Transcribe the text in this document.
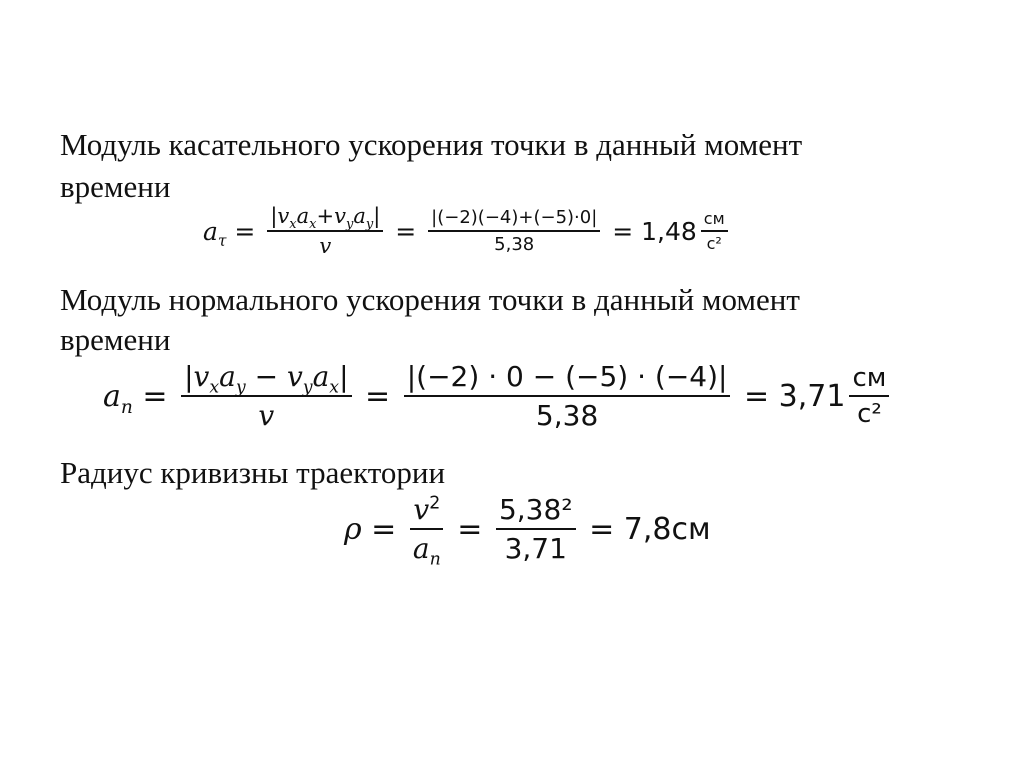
Модуль касательного ускорения точки в данный момент
времени
$a_\tau = \frac{|v_xa_x+v_ya_y|}{v} = \frac{|(-2)(-4)+(-5)\cdot 0|}{5,38} = 1,48 \frac{см}{\text{с²}}$
Модуль нормального ускорения точки в данный момент
времени
$a_n = \frac{|v_xa_y - v_ya_x|}{v} = \frac{|(-2) \cdot 0 - (-5) \cdot (-4)|}{5,38} = 3,71 \frac{см}{\text{с²}}$
Радиус кривизны траектории
$\rho = \frac{v^2}{a_n} = \frac{\text{5,38²}}{3,71} = 7,8см$
